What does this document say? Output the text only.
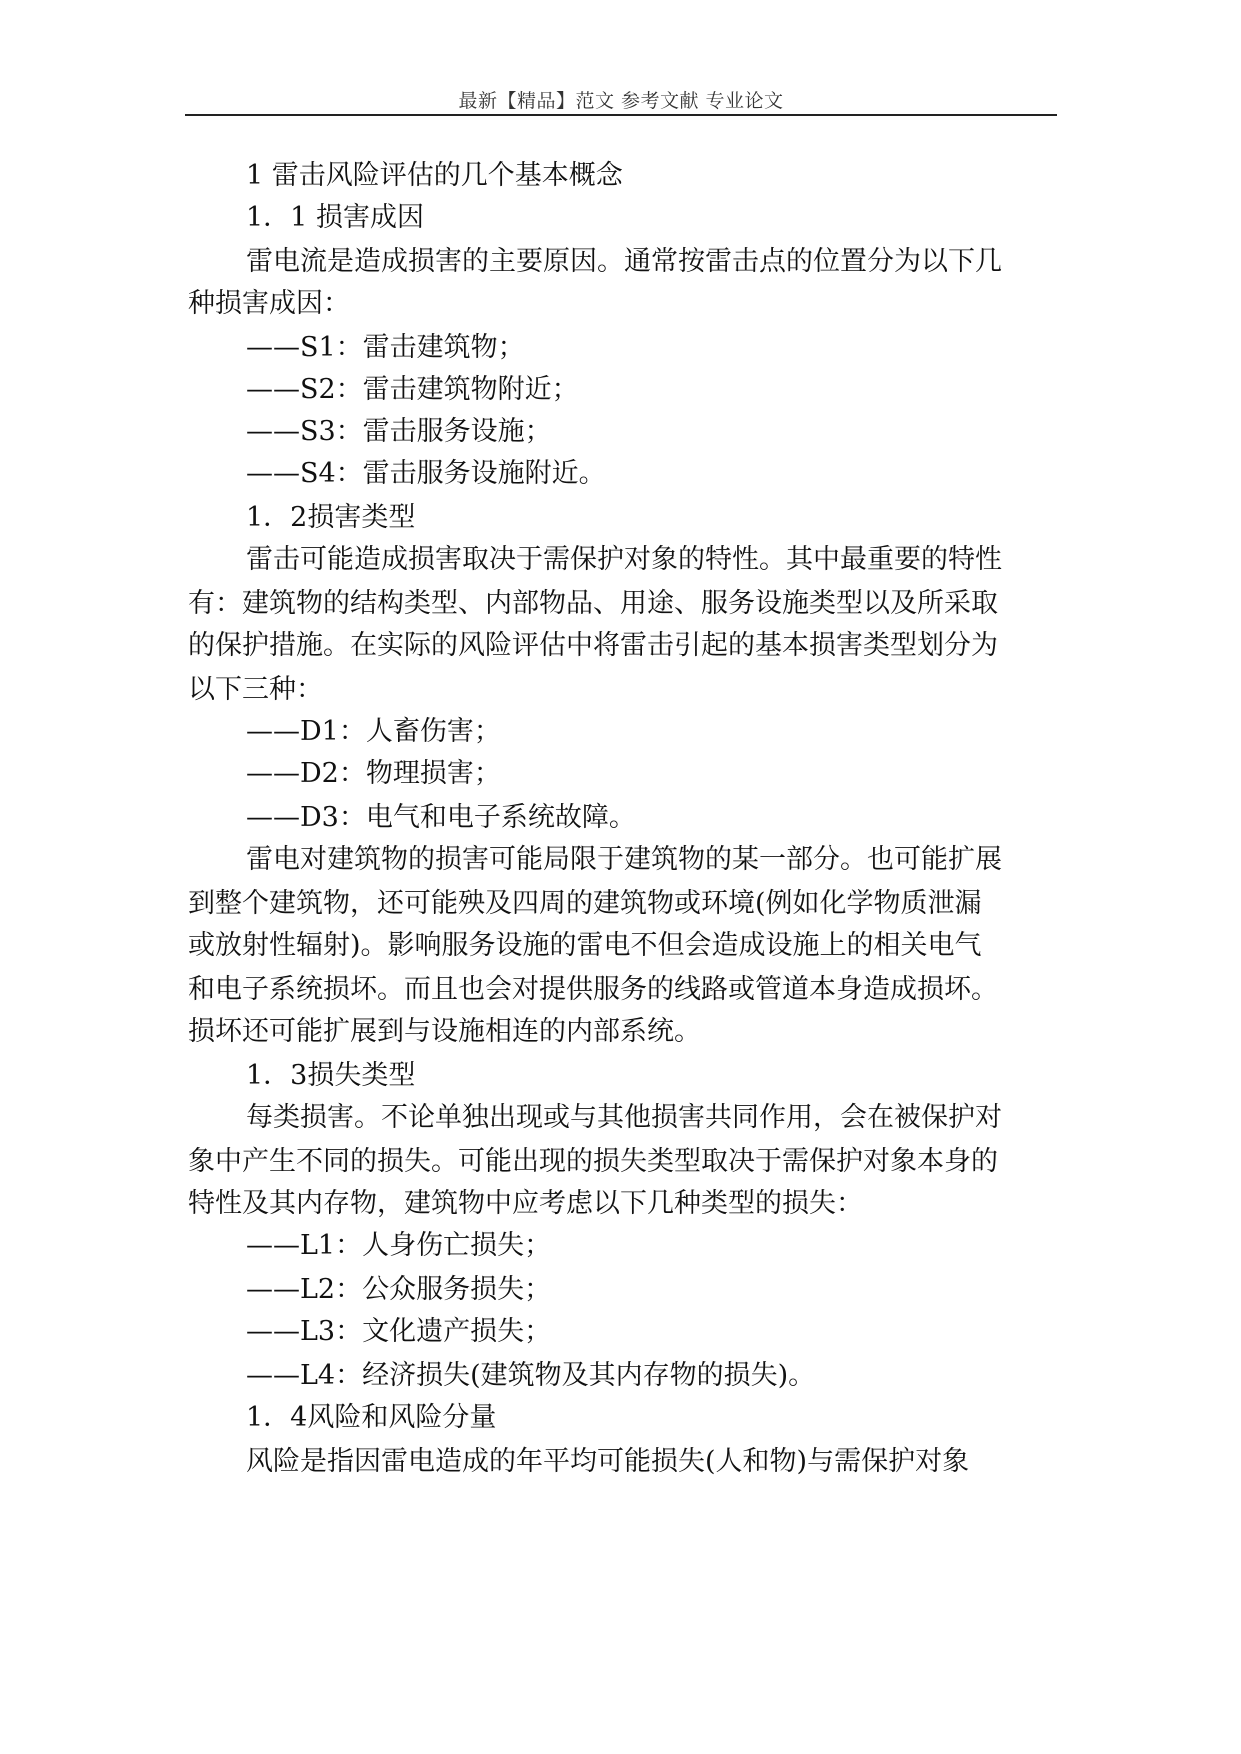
最新【精品】范文 参考文献 专业论文
1 雷击风险评估的几个基本概念
1．1 损害成因
雷电流是造成损害的主要原因。通常按雷击点的位置分为以下几
种损害成因：
——S1：雷击建筑物；
——S2：雷击建筑物附近；
——S3：雷击服务设施；
——S4：雷击服务设施附近。
1．2损害类型
雷击可能造成损害取决于需保护对象的特性。其中最重要的特性
有：建筑物的结构类型、内部物品、用途、服务设施类型以及所采取
的保护措施。在实际的风险评估中将雷击引起的基本损害类型划分为
以下三种：
——D1：人畜伤害；
——D2：物理损害；
——D3：电气和电子系统故障。
雷电对建筑物的损害可能局限于建筑物的某一部分。也可能扩展
到整个建筑物，还可能殃及四周的建筑物或环境(例如化学物质泄漏
或放射性辐射)。影响服务设施的雷电不但会造成设施上的相关电气
和电子系统损坏。而且也会对提供服务的线路或管道本身造成损坏。
损坏还可能扩展到与设施相连的内部系统。
1．3损失类型
每类损害。不论单独出现或与其他损害共同作用，会在被保护对
象中产生不同的损失。可能出现的损失类型取决于需保护对象本身的
特性及其内存物，建筑物中应考虑以下几种类型的损失：
——L1：人身伤亡损失；
——L2：公众服务损失；
——L3：文化遗产损失；
——L4：经济损失(建筑物及其内存物的损失)。
1．4风险和风险分量
风险是指因雷电造成的年平均可能损失(人和物)与需保护对象
